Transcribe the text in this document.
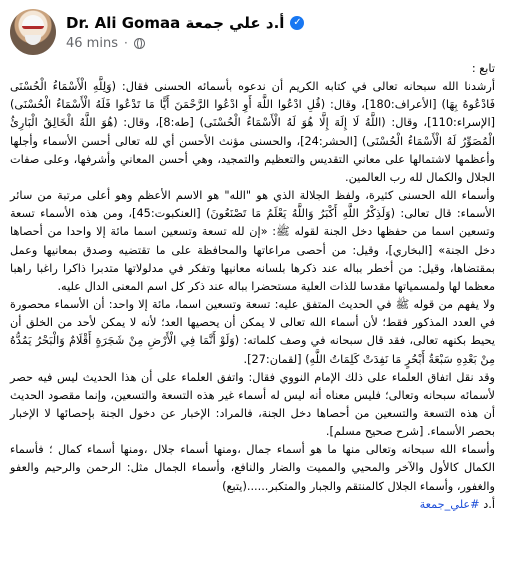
Dr. Ali Gomaa أ.د علي جمعة ✓
46 mins ·

تابع :

أرشدنا الله سبحانه تعالى في كتابه الكريم أن ندعوه بأسمائه الحسنى فقال: (وَلِلَّهِ الْأَسْمَاءُ الْحُسْنَى فَادْعُوهُ بِهَا) [الأعراف:180]، وقال: (قُلِ ادْعُوا اللَّهَ أَوِ ادْعُوا الرَّحْمَنَ أَيًّا مَا تَدْعُوا فَلَهُ الْأَسْمَاءُ الْحُسْنَى) [الإسراء:110]، وقال: (اللَّهُ لَا إِلَهَ إِلَّا هُوَ لَهُ الْأَسْمَاءُ الْحُسْنَى) [طه:8]، وقال: (هُوَ اللَّهُ الْخَالِقُ الْبَارِئُ الْمُصَوِّرُ لَهُ الْأَسْمَاءُ الْحُسْنَى) [الحشر:24]، والحسنى مؤنث الأحسن أي لله تعالى أحسن الأسماء وأجلها وأعظمها لاشتمالها على معاني التقديس والتعظيم والتمجيد، وهي أحسن المعاني وأشرفها، وعلى صفات الجلال والكمال لله رب العالمين.

وأسماء الله الحسنى كثيرة، ولفظ الجلالة الذي هو "الله" هو الاسم الأعظم وهو أعلى مرتبة من سائر الأسماء: قال تعالى: (وَلَذِكْرُ اللَّهِ أَكْبَرُ وَاللَّهُ يَعْلَمُ مَا تَصْنَعُونَ) [العنكبوت:45]، ومن هذه الأسماء تسعة وتسعين اسما من حفظها دخل الجنة لقوله ﷺ: «إن لله تسعة وتسعين اسما مائة إلا واحدا من أحصاها دخل الجنة» [البخاري]، وقيل: من أحصى مراعاتها والمحافظة على ما تقتضيه وصدق بمعانيها وعمل بمقتضاها، وقيل: من أخطر بباله عند ذكرها بلسانه معانيها وتفكر في مدلولاتها متدبرا ذاكرا راغبا راهبا معظما لها ولمسمياتها مقدسا للذات العلية مستحضرا بباله عند ذكر كل اسم المعنى الدال عليه.

ولا يفهم من قوله ﷺ في الحديث المتفق عليه: تسعة وتسعين اسما، مائة إلا واحد: أن الأسماء محصورة في العدد المذكور فقط؛ لأن أسماء الله تعالى لا يمكن أن يحصيها العد؛ لأنه لا يمكن لأحد من الخلق أن يحيط بكنهه تعالى، فقد قال سبحانه في وصف كلماته: (وَلَوْ أَنَّمَا فِي الْأَرْضِ مِنْ شَجَرَةٍ أَقْلَامٌ وَالْبَحْرُ يَمُدُّهُ مِنْ بَعْدِهِ سَبْعَةُ أَبْحُرٍ مَا نَفِدَتْ كَلِمَاتُ اللَّهِ) [لقمان:27].

وقد نقل اتفاق العلماء على ذلك الإمام النووي فقال: واتفق العلماء على أن هذا الحديث ليس فيه حصر لأسمائه سبحانه وتعالى؛ فليس معناه أنه ليس له أسماء غير هذه التسعة والتسعين، وإنما مقصود الحديث أن هذه التسعة والتسعين من أحصاها دخل الجنة، فالمراد: الإخبار عن دخول الجنة بإحصائها لا الإخبار بحصر الأسماء. [شرح صحيح مسلم].

وأسماء الله سبحانه وتعالى منها ما هو أسماء جمال ،ومنها أسماء جلال ،ومنها أسماء كمال ؛ فأسماء الكمال كالأول والآخر والمحيي والمميت والضار والنافع، وأسماء الجمال مثل: الرحمن والرحيم والعفو والغفور، وأسماء الجلال كالمنتقم والجبار والمتكبر......(يتبع)

أ.د #علي_جمعة
